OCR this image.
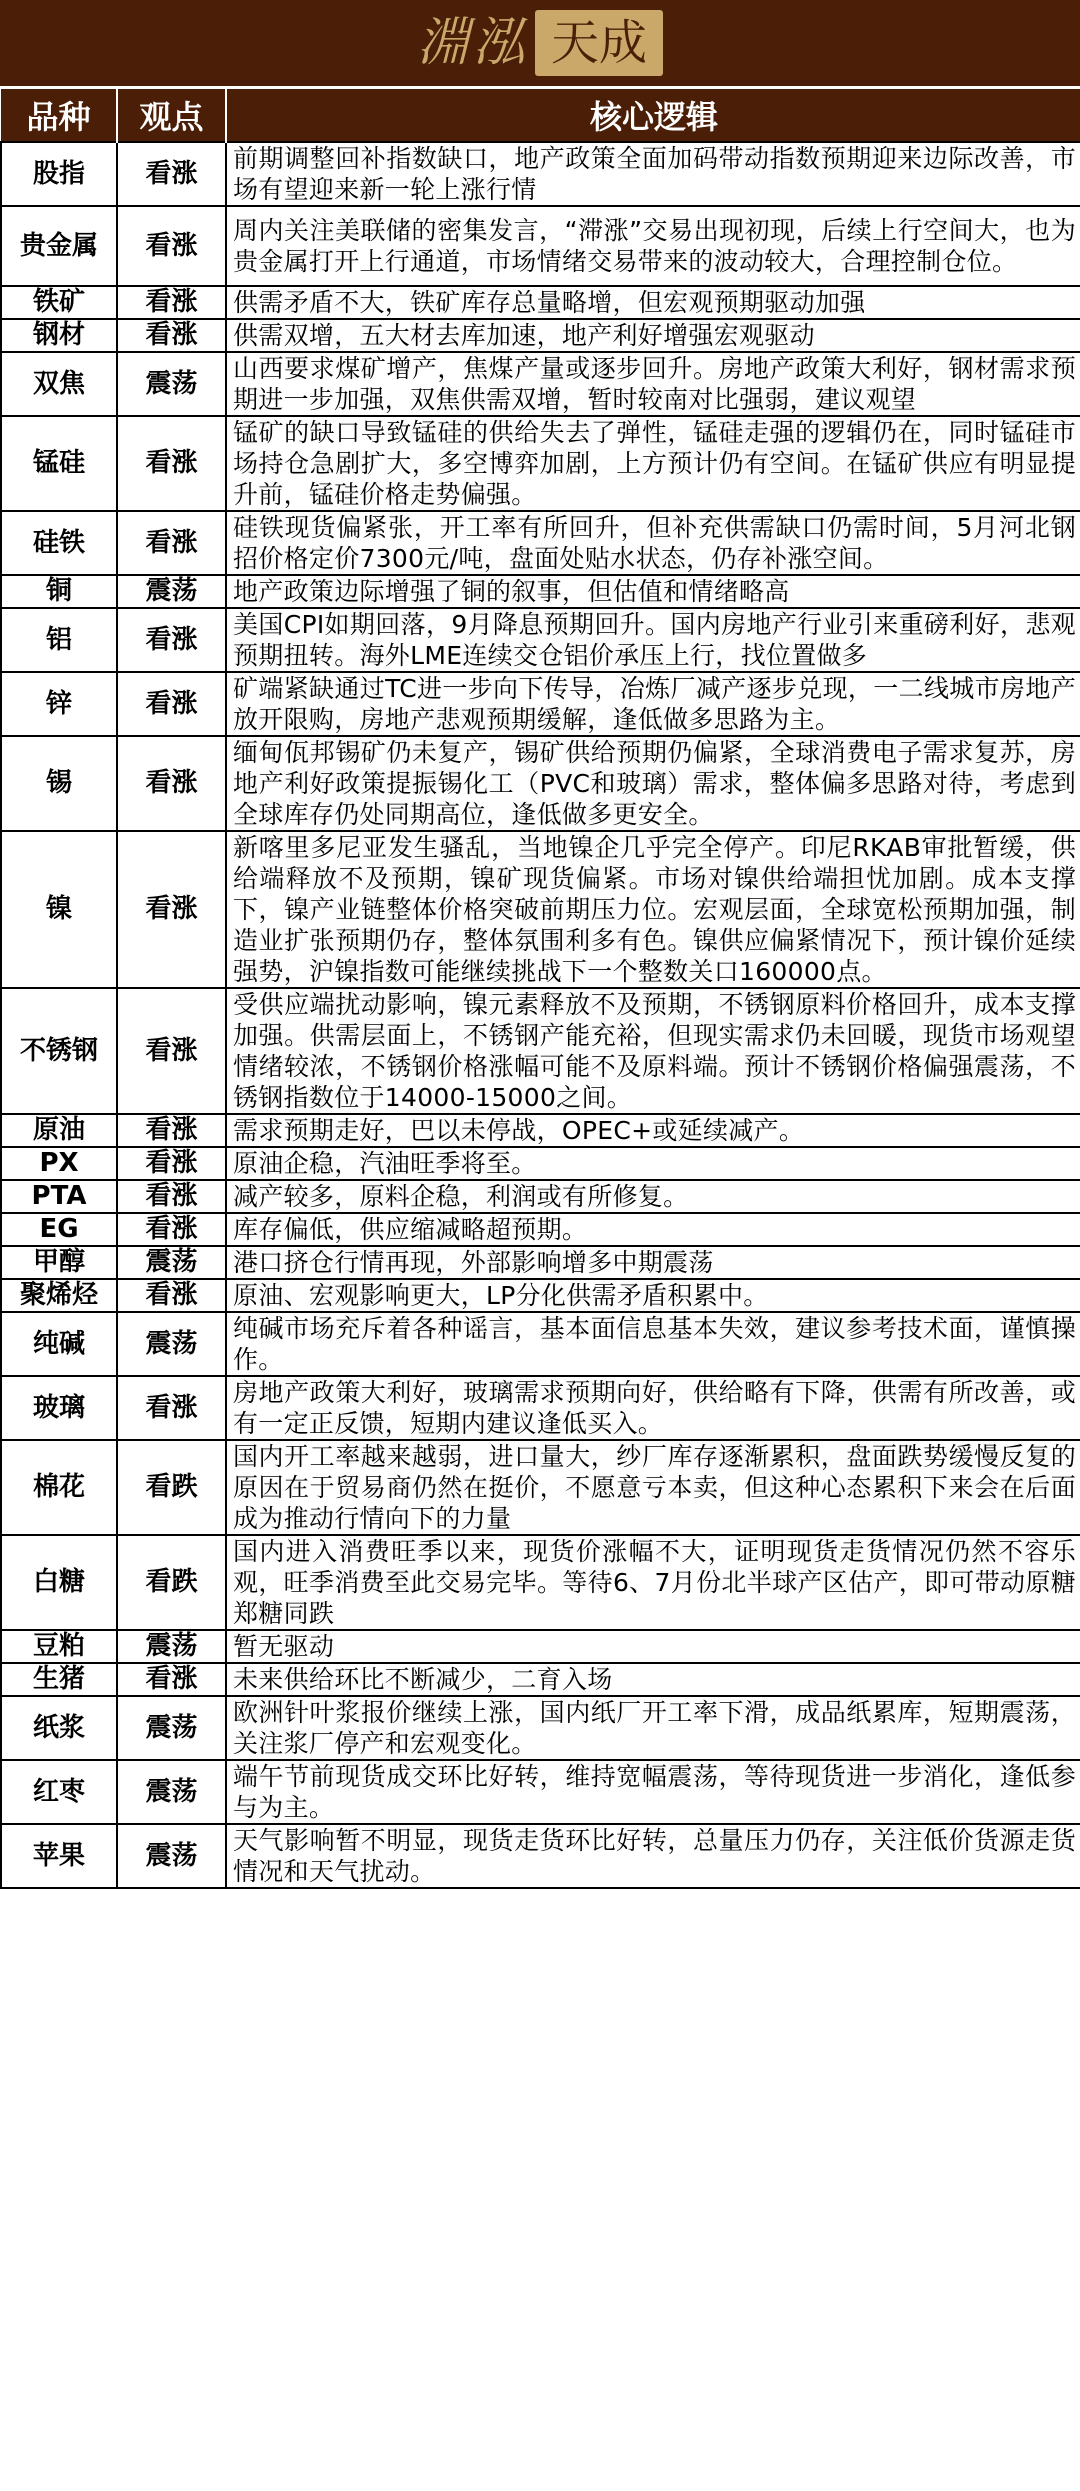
淵泓 天成
品种	观点	核心逻辑
股指	看涨	前期调整回补指数缺口，地产政策全面加码带动指数预期迎来边际改善，市场有望迎来新一轮上涨行情
贵金属	看涨	周内关注美联储的密集发言，“滞涨”交易出现初现，后续上行空间大，也为贵金属打开上行通道，市场情绪交易带来的波动较大，合理控制仓位。
铁矿	看涨	供需矛盾不大，铁矿库存总量略增，但宏观预期驱动加强
钢材	看涨	供需双增，五大材去库加速，地产利好增强宏观驱动
双焦	震荡	山西要求煤矿增产，焦煤产量或逐步回升。房地产政策大利好，钢材需求预期进一步加强，双焦供需双增，暂时较南对比强弱，建议观望
锰硅	看涨	锰矿的缺口导致锰硅的供给失去了弹性，锰硅走强的逻辑仍在，同时锰硅市场持仓急剧扩大，多空博弈加剧，上方预计仍有空间。在锰矿供应有明显提升前，锰硅价格走势偏强。
硅铁	看涨	硅铁现货偏紧张，开工率有所回升，但补充供需缺口仍需时间，5月河北钢招价格定价7300元/吨，盘面处贴水状态，仍存补涨空间。
铜	震荡	地产政策边际增强了铜的叙事，但估值和情绪略高
铝	看涨	美国CPI如期回落，9月降息预期回升。国内房地产行业引来重磅利好，悲观预期扭转。海外LME连续交仓铝价承压上行，找位置做多
锌	看涨	矿端紧缺通过TC进一步向下传导，冶炼厂减产逐步兑现，一二线城市房地产放开限购，房地产悲观预期缓解，逢低做多思路为主。
锡	看涨	缅甸佤邦锡矿仍未复产，锡矿供给预期仍偏紧，全球消费电子需求复苏，房地产利好政策提振锡化工（PVC和玻璃）需求，整体偏多思路对待，考虑到全球库存仍处同期高位，逢低做多更安全。
镍	看涨	新喀里多尼亚发生骚乱，当地镍企几乎完全停产。印尼RKAB审批暂缓，供给端释放不及预期，镍矿现货偏紧。市场对镍供给端担忧加剧。成本支撑下，镍产业链整体价格突破前期压力位。宏观层面，全球宽松预期加强，制造业扩张预期仍存，整体氛围利多有色。镍供应偏紧情况下，预计镍价延续强势，沪镍指数可能继续挑战下一个整数关口160000点。
不锈钢	看涨	受供应端扰动影响，镍元素释放不及预期，不锈钢原料价格回升，成本支撑加强。供需层面上，不锈钢产能充裕，但现实需求仍未回暖，现货市场观望情绪较浓，不锈钢价格涨幅可能不及原料端。预计不锈钢价格偏强震荡，不锈钢指数位于14000-15000之间。
原油	看涨	需求预期走好，巴以未停战，OPEC+或延续减产。
PX	看涨	原油企稳，汽油旺季将至。
PTA	看涨	减产较多，原料企稳，利润或有所修复。
EG	看涨	库存偏低，供应缩减略超预期。
甲醇	震荡	港口挤仓行情再现，外部影响增多中期震荡
聚烯烃	看涨	原油、宏观影响更大，LP分化供需矛盾积累中。
纯碱	震荡	纯碱市场充斥着各种谣言，基本面信息基本失效，建议参考技术面，谨慎操作。
玻璃	看涨	房地产政策大利好，玻璃需求预期向好，供给略有下降，供需有所改善，或有一定正反馈，短期内建议逢低买入。
棉花	看跌	国内开工率越来越弱，进口量大，纱厂库存逐渐累积，盘面跌势缓慢反复的原因在于贸易商仍然在挺价，不愿意亏本卖，但这种心态累积下来会在后面成为推动行情向下的力量
白糖	看跌	国内进入消费旺季以来，现货价涨幅不大，证明现货走货情况仍然不容乐观，旺季消费至此交易完毕。等待6、7月份北半球产区估产，即可带动原糖郑糖同跌
豆粕	震荡	暂无驱动
生猪	看涨	未来供给环比不断减少，二育入场
纸浆	震荡	欧洲针叶浆报价继续上涨，国内纸厂开工率下滑，成品纸累库，短期震荡，关注浆厂停产和宏观变化。
红枣	震荡	端午节前现货成交环比好转，维持宽幅震荡，等待现货进一步消化，逢低参与为主。
苹果	震荡	天气影响暂不明显，现货走货环比好转，总量压力仍存，关注低价货源走货情况和天气扰动。
